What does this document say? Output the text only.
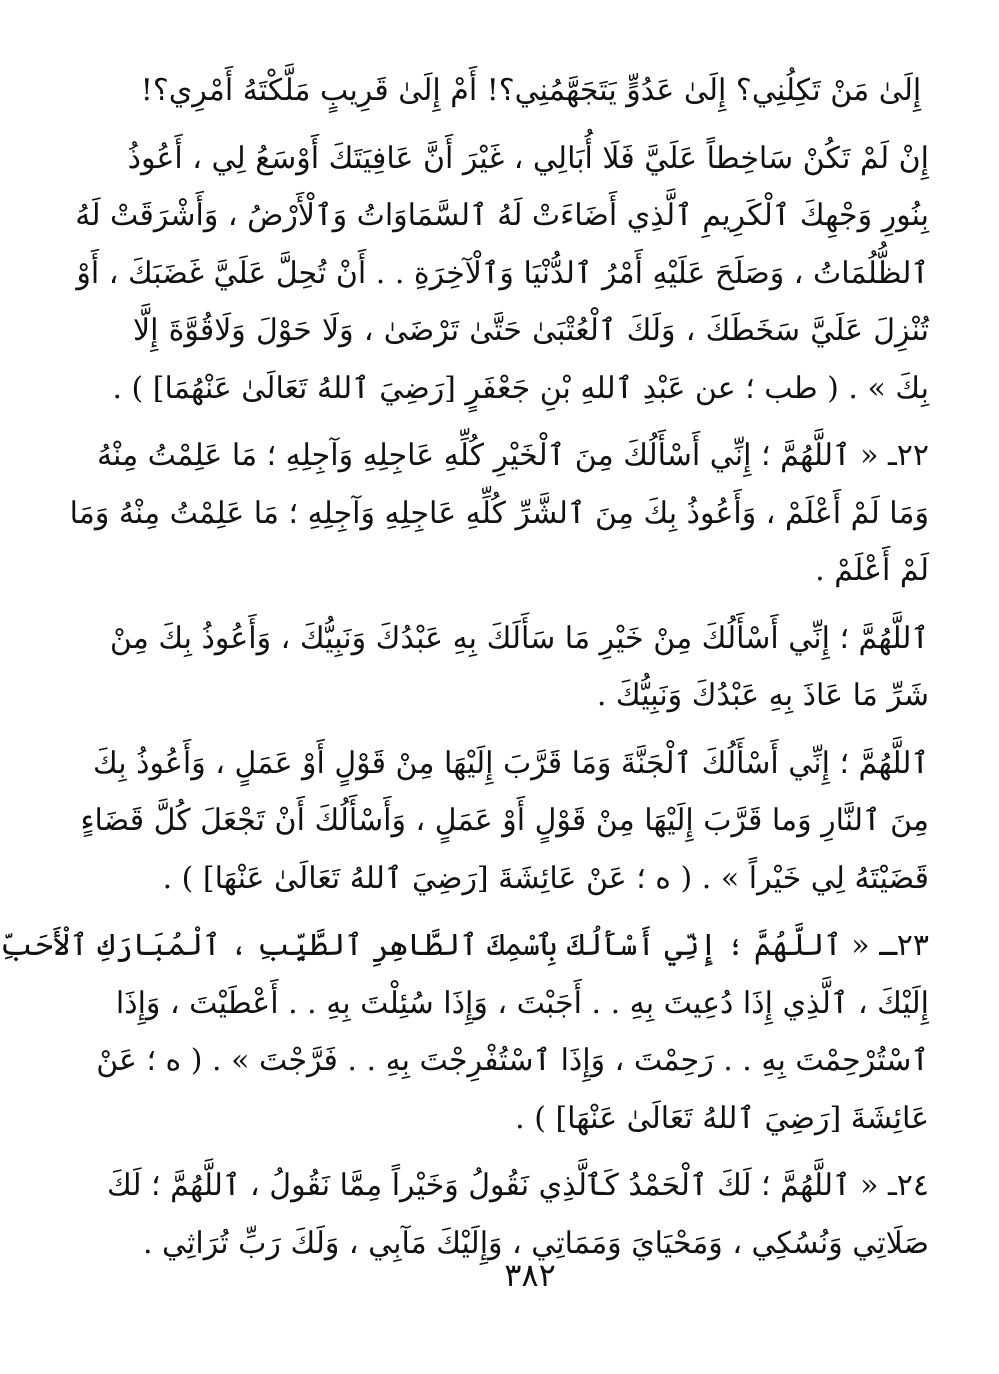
إِلَىٰ مَنْ تَكِلُنِي؟ إِلَىٰ عَدُوٍّ يَتَجَهَّمُنِي؟! أَمْ إِلَىٰ قَرِيبٍ مَلَّكْتَهُ أَمْرِي؟!
إِنْ لَمْ تَكُنْ سَاخِطاً عَلَيَّ فَلَا أُبَالِي ، غَيْرَ أَنَّ عَافِيَتَكَ أَوْسَعُ لِي ، أَعُوذُ
بِنُورِ وَجْهِكَ ٱلْكَرِيمِ ٱلَّذِي أَضَاءَتْ لَهُ ٱلسَّمَاوَاتُ وَٱلْأَرْضُ ، وَأَشْرَقَتْ لَهُ
ٱلظُّلُمَاتُ ، وَصَلَحَ عَلَيْهِ أَمْرُ ٱلدُّنْيَا وَٱلْآخِرَةِ . . أَنْ تُحِلَّ عَلَيَّ غَضَبَكَ ، أَوْ
تُنْزِلَ عَلَيَّ سَخَطَكَ ، وَلَكَ ٱلْعُتْبَىٰ حَتَّىٰ تَرْضَىٰ ، وَلَا حَوْلَ وَلَاقُوَّةَ إِلَّا
بِكَ » . ( طب ؛ عن عَبْدِ ٱللهِ بْنِ جَعْفَرٍ [رَضِيَ ٱللهُ تَعَالَىٰ عَنْهُمَا] ) .
٢٢ـ « ٱللَّهُمَّ ؛ إِنِّي أَسْأَلُكَ مِنَ ٱلْخَيْرِ كُلِّهِ عَاجِلِهِ وَآجِلِهِ ؛ مَا عَلِمْتُ مِنْهُ
وَمَا لَمْ أَعْلَمْ ، وَأَعُوذُ بِكَ مِنَ ٱلشَّرِّ كُلِّهِ عَاجِلِهِ وَآجِلِهِ ؛ مَا عَلِمْتُ مِنْهُ وَمَا
لَمْ أَعْلَمْ .
ٱللَّهُمَّ ؛ إِنِّي أَسْأَلُكَ مِنْ خَيْرِ مَا سَأَلَكَ بِهِ عَبْدُكَ وَنَبِيُّكَ ، وَأَعُوذُ بِكَ مِنْ
شَرِّ مَا عَاذَ بِهِ عَبْدُكَ وَنَبِيُّكَ .
ٱللَّهُمَّ ؛ إِنِّي أَسْأَلُكَ ٱلْجَنَّةَ وَمَا قَرَّبَ إِلَيْهَا مِنْ قَوْلٍ أَوْ عَمَلٍ ، وَأَعُوذُ بِكَ
مِنَ ٱلنَّارِ وَما قَرَّبَ إِلَيْهَا مِنْ قَوْلٍ أَوْ عَمَلٍ ، وَأَسْأَلُكَ أَنْ تَجْعَلَ كُلَّ قَضَاءٍ
قَضَيْتَهُ لِي خَيْراً » . ( ه ؛ عَنْ عَائِشَةَ [رَضِيَ ٱللهُ تَعَالَىٰ عَنْهَا] ) .
٢٣ـ « ٱللَّهُمَّ ؛ إِنِّي أَسْأَلُكَ بِٱسْمِكَ ٱلطَّاهِرِ ٱلطَّيِّبِ ، ٱلْمُبَارَكِ ٱلْأَحَبِّ
إِلَيْكَ ، ٱلَّذِي إِذَا دُعِيتَ بِهِ . . أَجَبْتَ ، وَإِذَا سُئِلْتَ بِهِ . . أَعْطَيْتَ ، وَإِذَا
ٱسْتُرْحِمْتَ بِهِ . . رَحِمْتَ ، وَإِذَا ٱسْتُفْرِجْتَ بِهِ . . فَرَّجْتَ » . ( ه ؛ عَنْ
عَائِشَةَ [رَضِيَ ٱللهُ تَعَالَىٰ عَنْهَا] ) .
٢٤ـ « ٱللَّهُمَّ ؛ لَكَ ٱلْحَمْدُ كَٱلَّذِي نَقُولُ وَخَيْراً مِمَّا نَقُولُ ، ٱللَّهُمَّ ؛ لَكَ
صَلَاتِي وَنُسُكِي ، وَمَحْيَايَ وَمَمَاتِي ، وَإِلَيْكَ مَآبِي ، وَلَكَ رَبِّ تُرَاثِي .
٣٨٢
